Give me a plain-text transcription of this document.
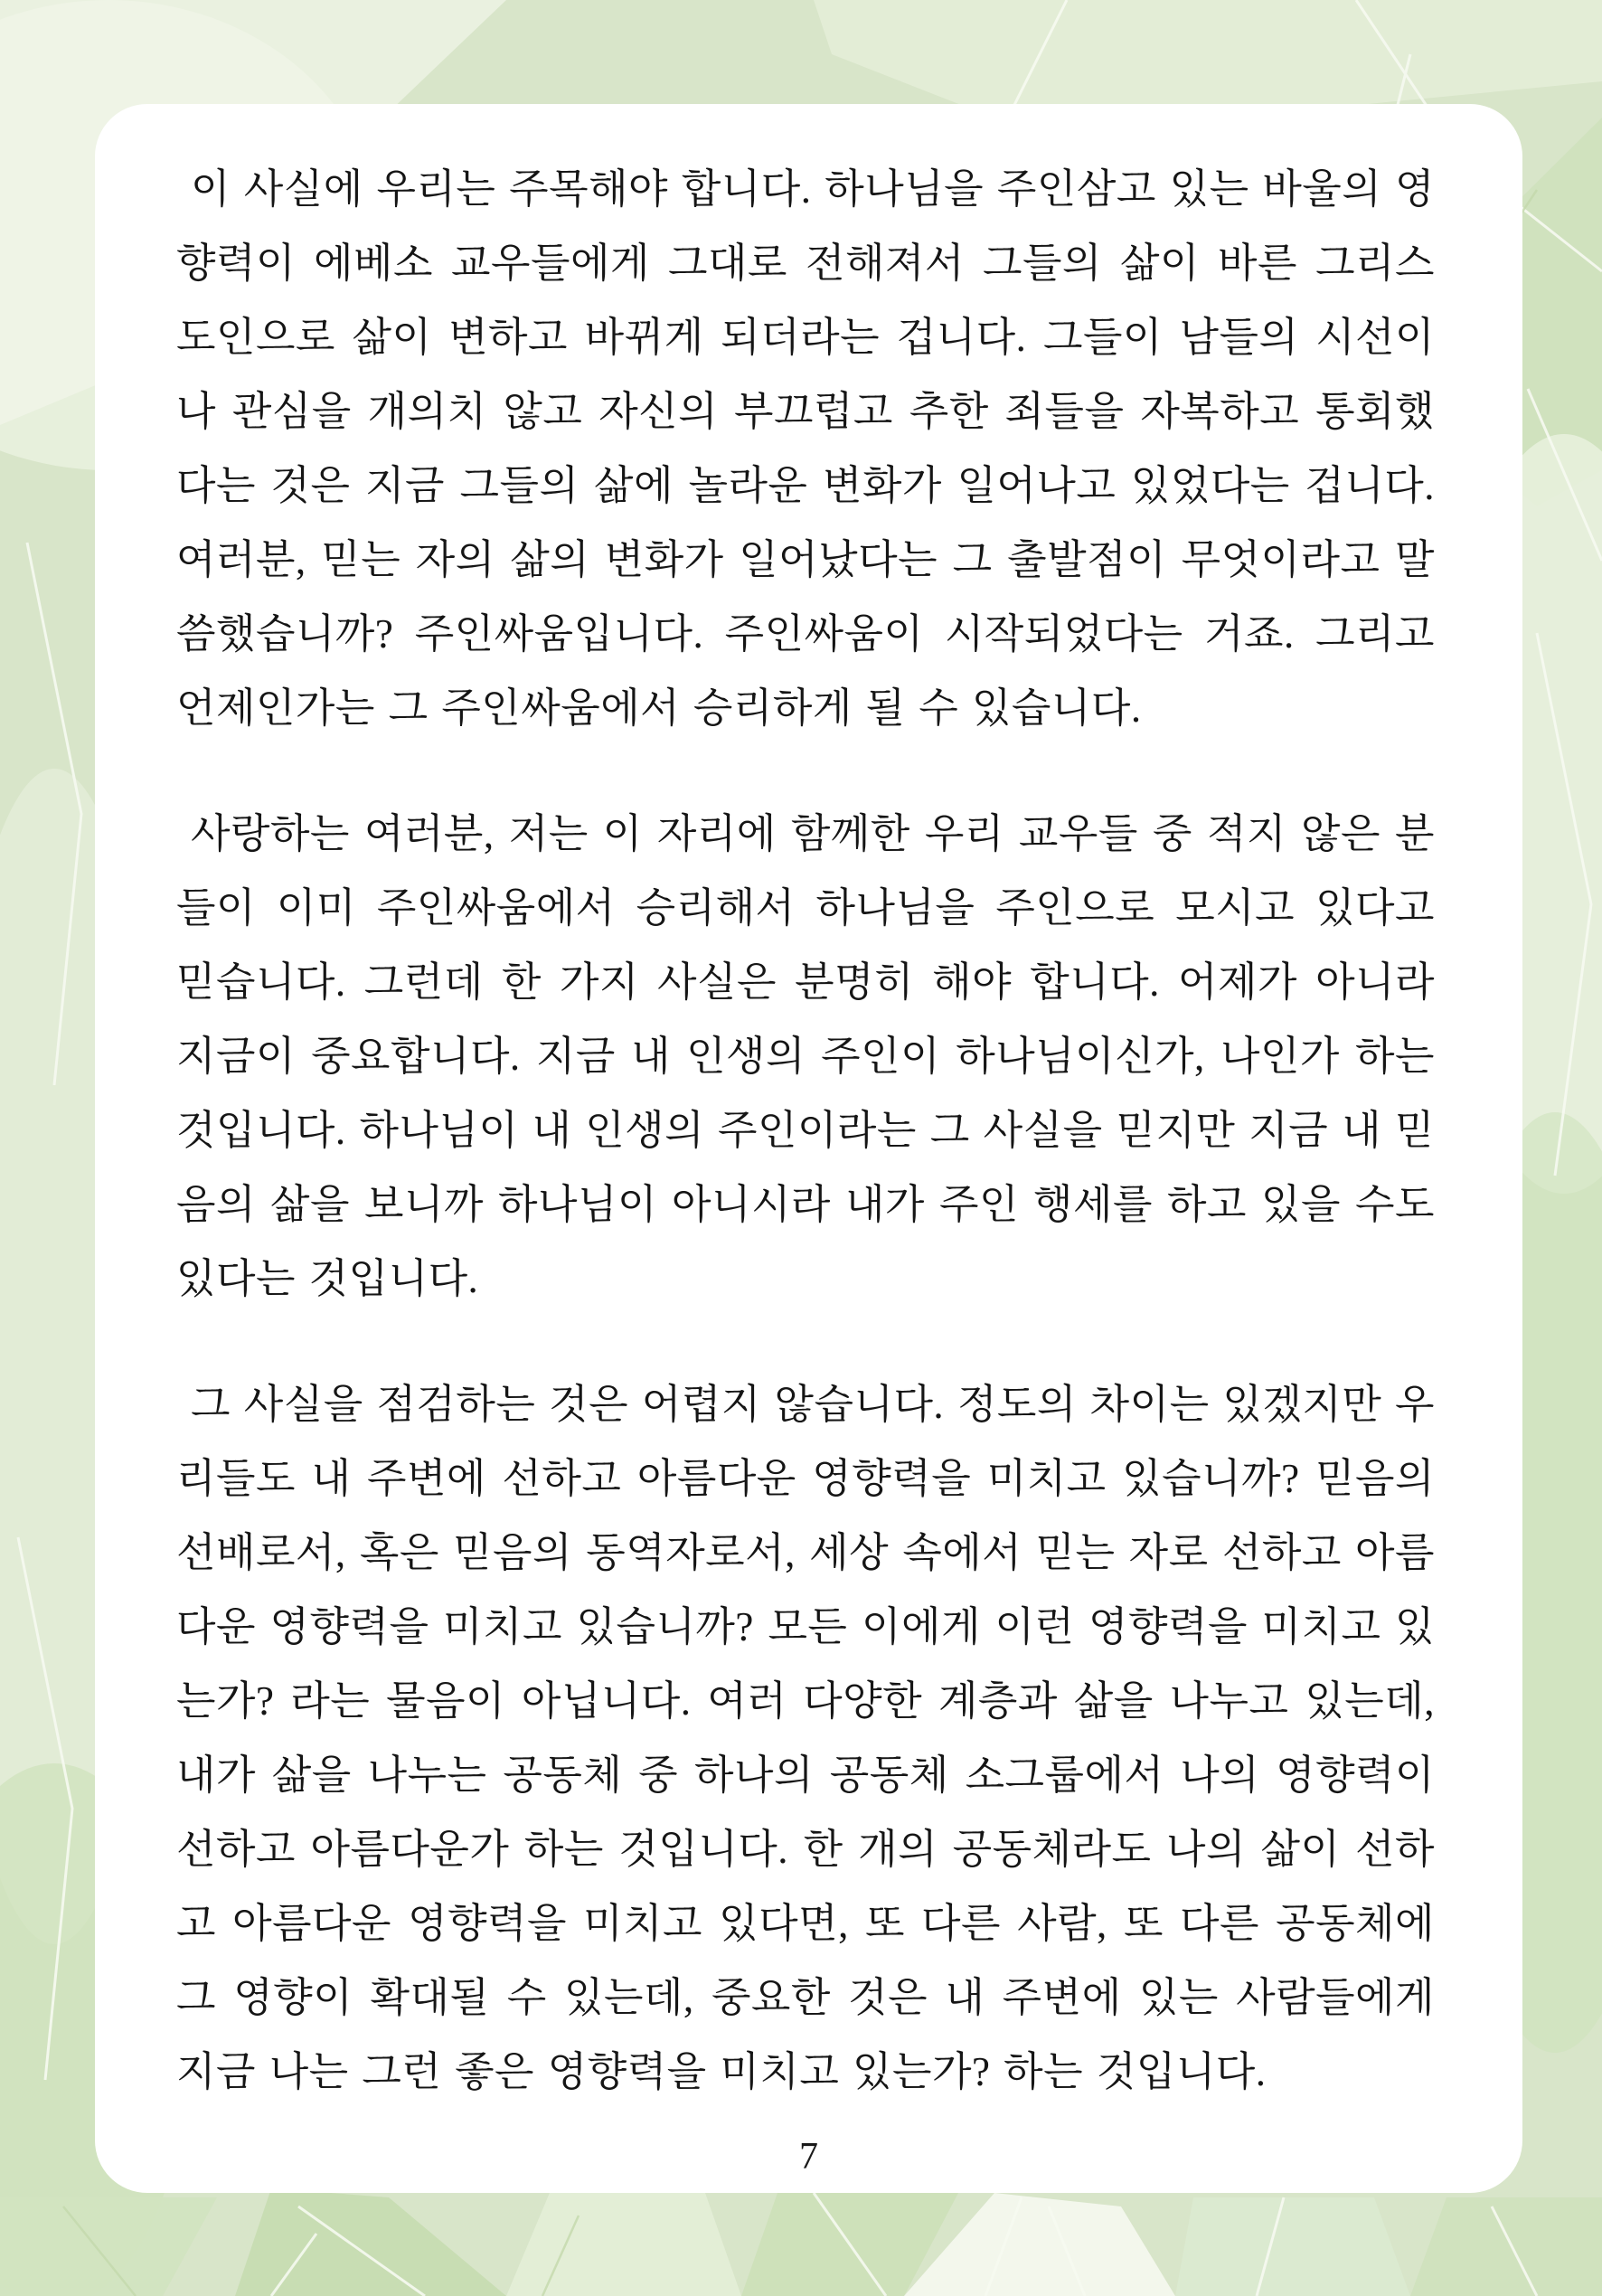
이 사실에 우리는 주목해야 합니다. 하나님을 주인삼고 있는 바울의 영향력이 에베소 교우들에게 그대로 전해져서 그들의 삶이 바른 그리스도인으로 삶이 변하고 바뀌게 되더라는 겁니다. 그들이 남들의 시선이나 관심을 개의치 않고 자신의 부끄럽고 추한 죄들을 자복하고 통회했다는 것은 지금 그들의 삶에 놀라운 변화가 일어나고 있었다는 겁니다. 여러분, 믿는 자의 삶의 변화가 일어났다는 그 출발점이 무엇이라고 말씀했습니까? 주인싸움입니다. 주인싸움이 시작되었다는 거죠. 그리고 언제인가는 그 주인싸움에서 승리하게 될 수 있습니다.

사랑하는 여러분, 저는 이 자리에 함께한 우리 교우들 중 적지 않은 분들이 이미 주인싸움에서 승리해서 하나님을 주인으로 모시고 있다고 믿습니다. 그런데 한 가지 사실은 분명히 해야 합니다. 어제가 아니라 지금이 중요합니다. 지금 내 인생의 주인이 하나님이신가, 나인가 하는 것입니다. 하나님이 내 인생의 주인이라는 그 사실을 믿지만 지금 내 믿음의 삶을 보니까 하나님이 아니시라 내가 주인 행세를 하고 있을 수도 있다는 것입니다.

그 사실을 점검하는 것은 어렵지 않습니다. 정도의 차이는 있겠지만 우리들도 내 주변에 선하고 아름다운 영향력을 미치고 있습니까? 믿음의 선배로서, 혹은 믿음의 동역자로서, 세상 속에서 믿는 자로 선하고 아름다운 영향력을 미치고 있습니까? 모든 이에게 이런 영향력을 미치고 있는가? 라는 물음이 아닙니다. 여러 다양한 계층과 삶을 나누고 있는데, 내가 삶을 나누는 공동체 중 하나의 공동체 소그룹에서 나의 영향력이 선하고 아름다운가 하는 것입니다. 한 개의 공동체라도 나의 삶이 선하고 아름다운 영향력을 미치고 있다면, 또 다른 사람, 또 다른 공동체에 그 영향이 확대될 수 있는데, 중요한 것은 내 주변에 있는 사람들에게 지금 나는 그런 좋은 영향력을 미치고 있는가? 하는 것입니다.

7
